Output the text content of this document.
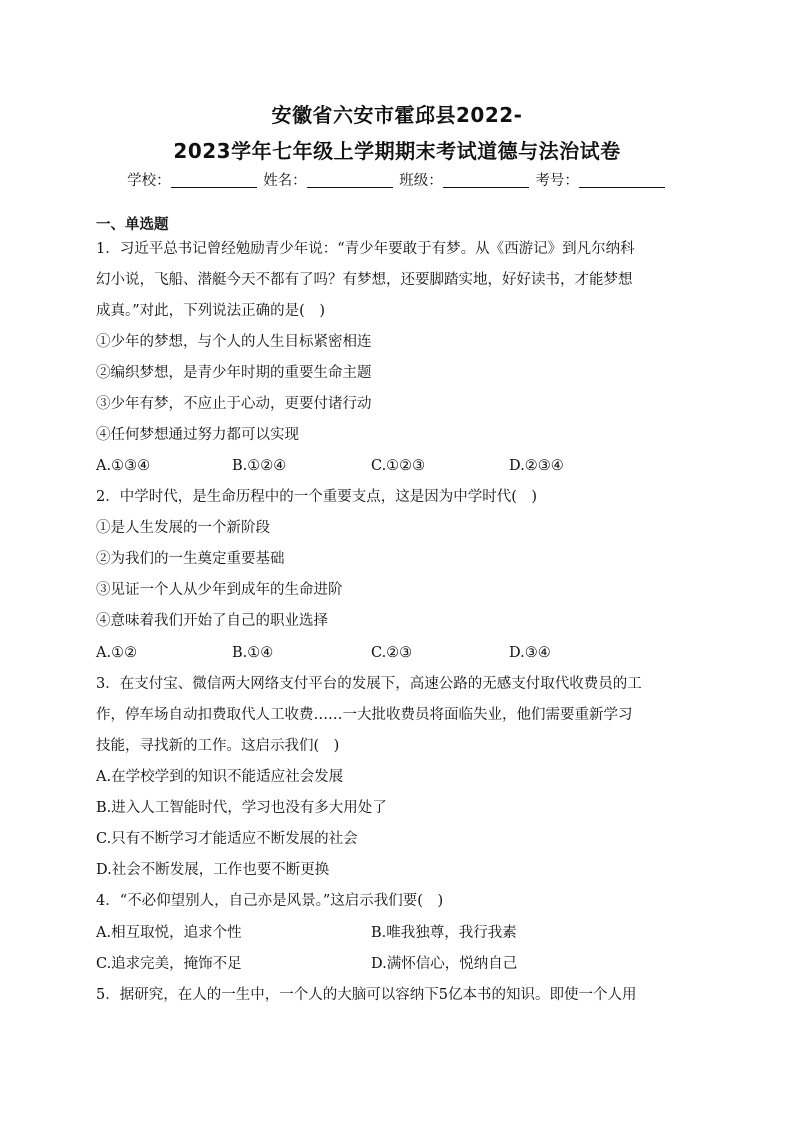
安徽省六安市霍邱县2022-
2023学年七年级上学期期末考试道德与法治试卷
学校：	姓名：	班级：	考号：
一、单选题
1．习近平总书记曾经勉励青少年说：“青少年要敢于有梦。从《西游记》到凡尔纳科
幻小说，飞船、潜艇今天不都有了吗？有梦想，还要脚踏实地，好好读书，才能梦想
成真。”对此，下列说法正确的是(　)
①少年的梦想，与个人的人生目标紧密相连
②编织梦想，是青少年时期的重要生命主题
③少年有梦，不应止于心动，更要付诸行动
④任何梦想通过努力都可以实现
A.①③④	B.①②④	C.①②③	D.②③④
2．中学时代，是生命历程中的一个重要支点，这是因为中学时代(　)
①是人生发展的一个新阶段
②为我们的一生奠定重要基础
③见证一个人从少年到成年的生命进阶
④意味着我们开始了自己的职业选择
A.①②	B.①④	C.②③	D.③④
3．在支付宝、微信两大网络支付平台的发展下，高速公路的无感支付取代收费员的工
作，停车场自动扣费取代人工收费……一大批收费员将面临失业，他们需要重新学习
技能，寻找新的工作。这启示我们(　)
A.在学校学到的知识不能适应社会发展
B.进入人工智能时代，学习也没有多大用处了
C.只有不断学习才能适应不断发展的社会
D.社会不断发展，工作也要不断更换
4．“不必仰望别人，自己亦是风景。”这启示我们要(　)
A.相互取悦，追求个性	B.唯我独尊，我行我素
C.追求完美，掩饰不足	D.满怀信心，悦纳自己
5．据研究，在人的一生中，一个人的大脑可以容纳下5亿本书的知识。即使一个人用
